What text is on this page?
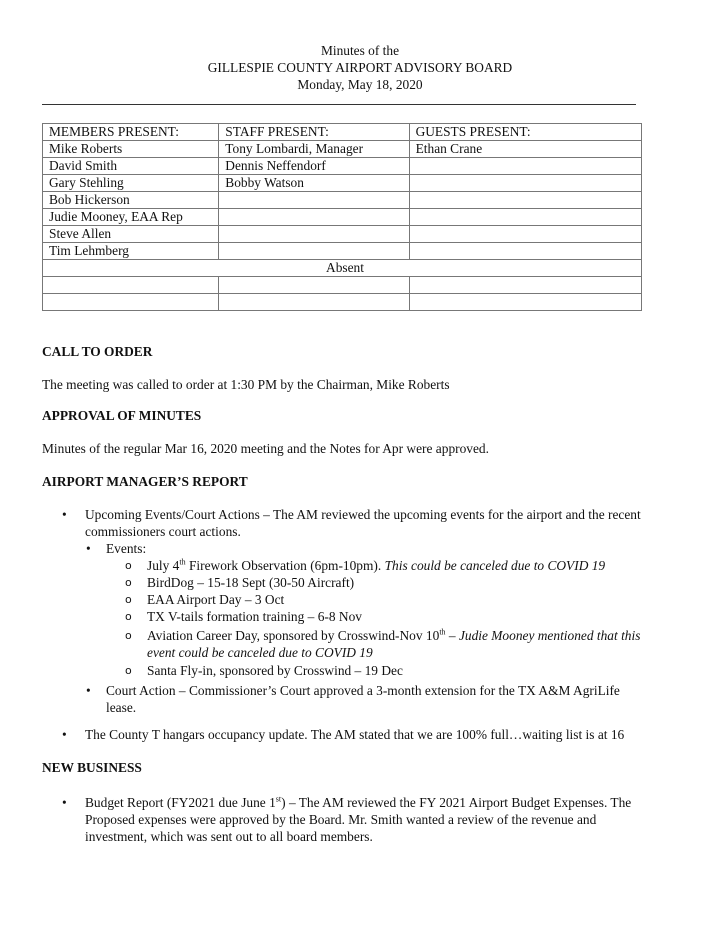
Minutes of the
GILLESPIE COUNTY AIRPORT ADVISORY BOARD
Monday, May 18, 2020
MEMBERS PRESENT:	STAFF PRESENT:	GUESTS PRESENT:
Mike Roberts	Tony Lombardi, Manager	Ethan Crane
David Smith	Dennis Neffendorf	
Gary Stehling	Bobby Watson	
Bob Hickerson		
Judie Mooney, EAA Rep		
Steve Allen		
Tim Lehmberg		
Absent		

CALL TO ORDER
The meeting was called to order at 1:30 PM by the Chairman, Mike Roberts
APPROVAL OF MINUTES
Minutes of the regular Mar 16, 2020 meeting and the Notes for Apr were approved.
AIRPORT MANAGER’S REPORT
• Upcoming Events/Court Actions – The AM reviewed the upcoming events for the airport and the recent
commissioners court actions.
• Events:
o July 4th Firework Observation (6pm-10pm). This could be canceled due to COVID 19
o BirdDog – 15-18 Sept (30-50 Aircraft)
o EAA Airport Day – 3 Oct
o TX V-tails formation training – 6-8 Nov
o Aviation Career Day, sponsored by Crosswind-Nov 10th – Judie Mooney mentioned that this
event could be canceled due to COVID 19
o Santa Fly-in, sponsored by Crosswind – 19 Dec
• Court Action – Commissioner’s Court approved a 3-month extension for the TX A&M AgriLife
lease.
• The County T hangars occupancy update. The AM stated that we are 100% full…waiting list is at 16
NEW BUSINESS
• Budget Report (FY2021 due June 1st) – The AM reviewed the FY 2021 Airport Budget Expenses. The
Proposed expenses were approved by the Board. Mr. Smith wanted a review of the revenue and
investment, which was sent out to all board members.
